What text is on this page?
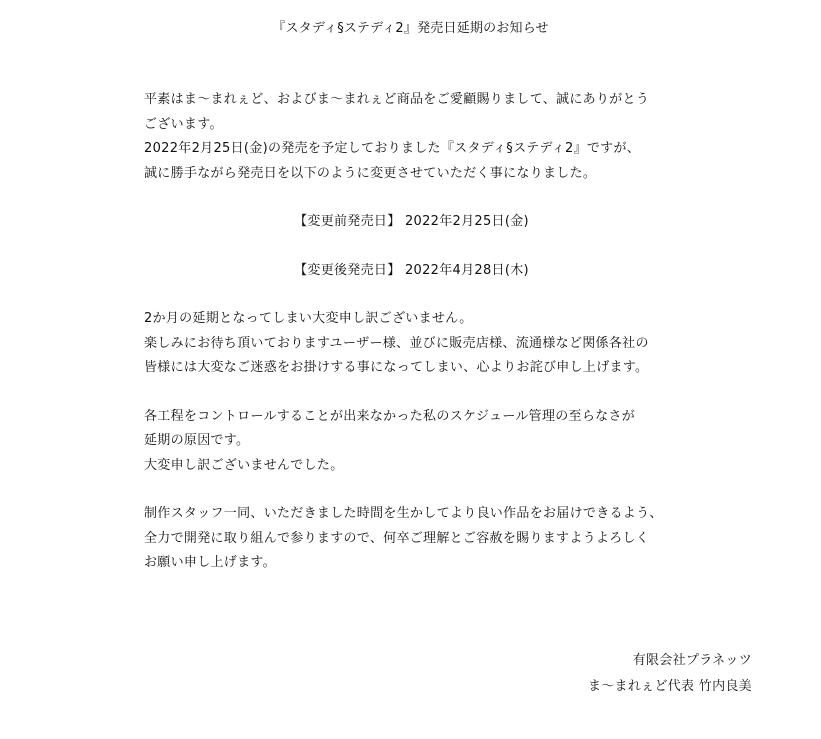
『スタディ§ステディ2』発売日延期のお知らせ
平素はま～まれぇど、およびま～まれぇど商品をご愛顧賜りまして、誠にありがとう
ございます。
2022年2月25日(金)の発売を予定しておりました『スタディ§ステディ2』ですが、
誠に勝手ながら発売日を以下のように変更させていただく事になりました。
【変更前発売日】 2022年2月25日(金)
【変更後発売日】 2022年4月28日(木)
2か月の延期となってしまい大変申し訳ございません。
楽しみにお待ち頂いておりますユーザー様、並びに販売店様、流通様など関係各社の
皆様には大変なご迷惑をお掛けする事になってしまい、心よりお詫び申し上げます。
各工程をコントロールすることが出来なかった私のスケジュール管理の至らなさが
延期の原因です。
大変申し訳ございませんでした。
制作スタッフ一同、いただきました時間を生かしてより良い作品をお届けできるよう、
全力で開発に取り組んで参りますので、何卒ご理解とご容赦を賜りますようよろしく
お願い申し上げます。
有限会社プラネッツ
ま～まれぇど代表 竹内良美
